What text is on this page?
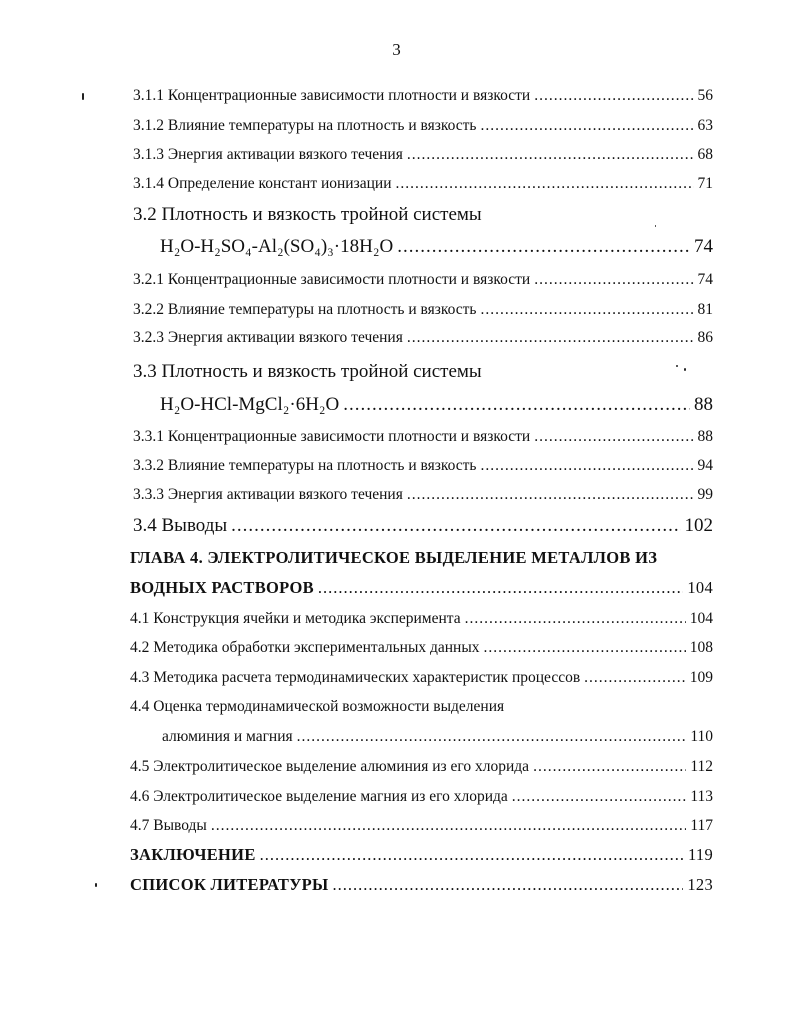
3
3.1.1 Концентрационные зависимости плотности и вязкости .....	56
3.1.2 Влияние температуры на плотность и вязкость .....	63
3.1.3 Энергия активации вязкого течения .....	68
3.1.4 Определение констант ионизации .....	71
3.2 Плотность и вязкость тройной системы
H₂O-H₂SO₄-Al₂(SO₄)₃·18H₂O .....	74
3.2.1 Концентрационные зависимости плотности и вязкости .....	74
3.2.2 Влияние температуры на плотность и вязкость .....	81
3.2.3 Энергия активации вязкого течения .....	86
3.3 Плотность и вязкость тройной системы
H₂O-HCl-MgCl₂·6H₂O .....	88
3.3.1 Концентрационные зависимости плотности и вязкости .....	88
3.3.2 Влияние температуры на плотность и вязкость .....	94
3.3.3 Энергия активации вязкого течения .....	99
3.4 Выводы .....	102
ГЛАВА 4. ЭЛЕКТРОЛИТИЧЕСКОЕ ВЫДЕЛЕНИЕ МЕТАЛЛОВ ИЗ
ВОДНЫХ РАСТВОРОВ .....	104
4.1 Конструкция ячейки и методика эксперимента .....	104
4.2 Методика обработки экспериментальных данных .....	108
4.3 Методика расчета термодинамических характеристик процессов .....	109
4.4 Оценка термодинамической возможности выделения
алюминия и магния .....	110
4.5 Электролитическое выделение алюминия из его хлорида .....	112
4.6 Электролитическое выделение магния из его хлорида .....	113
4.7 Выводы .....	117
ЗАКЛЮЧЕНИЕ .....	119
СПИСОК ЛИТЕРАТУРЫ .....	123
